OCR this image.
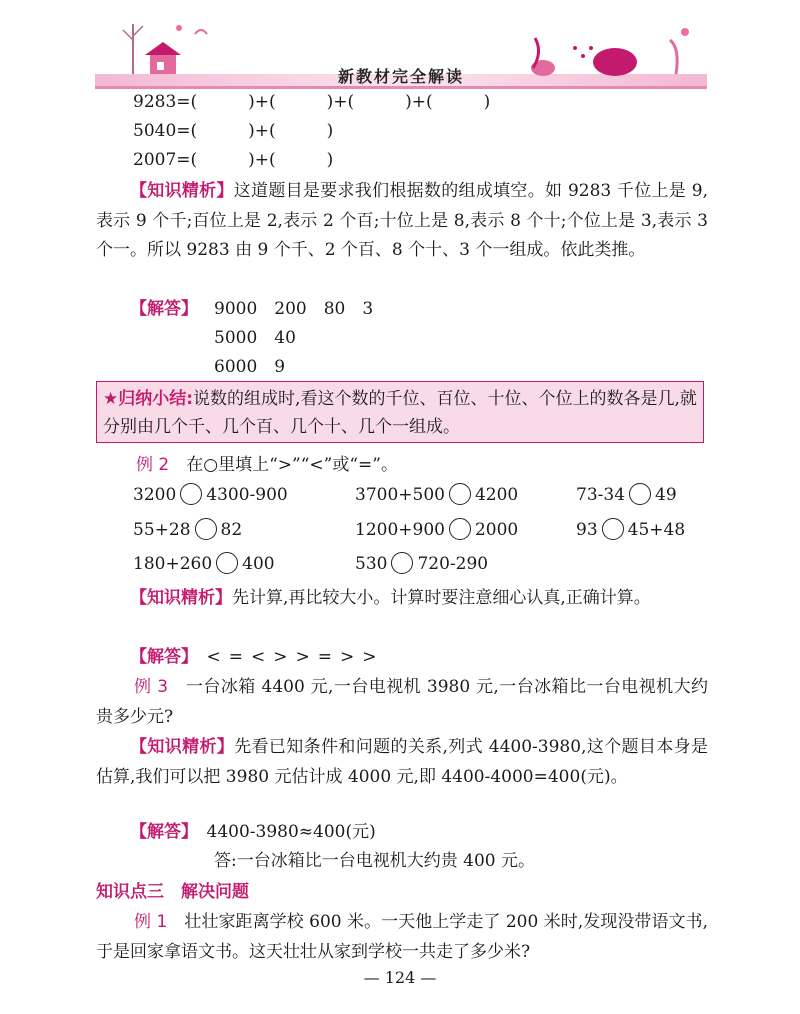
新教材完全解读
9283=(　　　)+(　　　)+(　　　)+(　　　)
5040=(　　　)+(　　　)
2007=(　　　)+(　　　)
【知识精析】这道题目是要求我们根据数的组成填空。如 9283 千位上是 9,表示 9 个千;百位上是 2,表示 2 个百;十位上是 8,表示 8 个十;个位上是 3,表示 3 个一。所以 9283 由 9 个千、2 个百、8 个十、3 个一组成。依此类推。
【解答】 9000　200　80　3
5000　40
6000　9
★归纳小结:说数的组成时,看这个数的千位、百位、十位、个位上的数各是几,就分别由几个千、几个百、几个十、几个一组成。
例 2　 在○里填上“>”“<”或“=”。
3200 4300-900	3700+500 4200	73-34 49
55+28 82	1200+900 2000	93 45+48
180+260 400	530 720-290
【知识精析】先计算,再比较大小。计算时要注意细心认真,正确计算。
【解答】　 <=<>>=>>
例 3　 一台冰箱 4400 元,一台电视机 3980 元,一台冰箱比一台电视机大约贵多少元?
【知识精析】先看已知条件和问题的关系,列式 4400-3980,这个题目本身是估算,我们可以把 3980 元估计成 4000 元,即 4400-4000=400(元)。
【解答】　 4400-3980≈400(元)
答:一台冰箱比一台电视机大约贵 400 元。
知识点三　解决问题
例 1　 壮壮家距离学校 600 米。一天他上学走了 200 米时,发现没带语文书,于是回家拿语文书。这天壮壮从家到学校一共走了多少米?
— 124 —
